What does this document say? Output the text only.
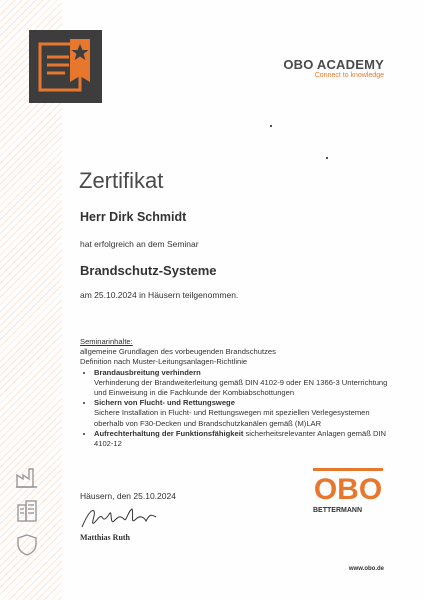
OBO ACADEMY
Connect to knowledge
Zertifikat
Herr Dirk Schmidt
hat erfolgreich an dem Seminar
Brandschutz-Systeme
am 25.10.2024 in Häusern teilgenommen.
Seminarinhalte:
allgemeine Grundlagen des vorbeugenden Brandschutzes
Definition nach Muster-Leitungsanlagen-Richtlinie
• Brandausbreitung verhindern
Verhinderung der Brandweiterleitung gemäß DIN 4102-9 oder EN 1366-3 Unterrichtung und Einweisung in die Fachkunde der Kombiabschottungen
• Sichern von Flucht- und Rettungswege
Sichere Installation in Flucht- und Rettungswegen mit speziellen Verlegesystemen oberhalb von F30-Decken und Brandschutzkanälen gemäß (M)LAR
• Aufrechterhaltung der Funktionsfähigkeit sicherheitsrelevanter Anlagen gemäß DIN 4102-12
Häusern, den 25.10.2024
Matthias Ruth
OBO
BETTERMANN
www.obo.de
